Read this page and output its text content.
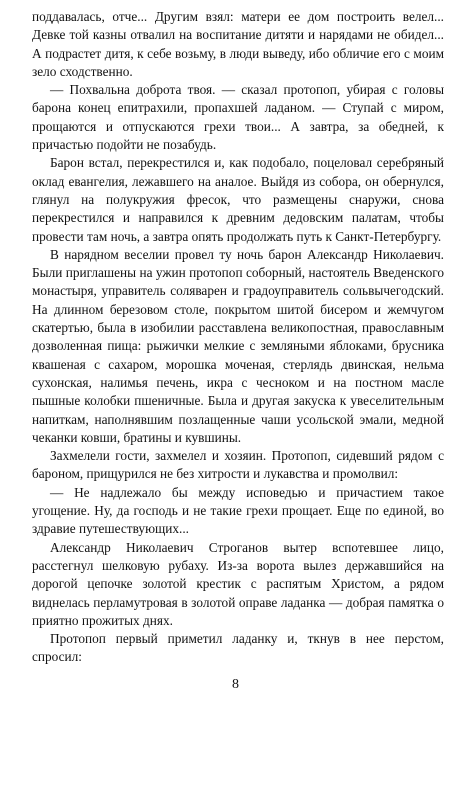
поддавалась, отче... Другим взял: матери ее дом построить велел... Девке той казны отвалил на воспитание дитяти и нарядами не обидел... А подрастет дитя, к себе возьму, в люди выведу, ибо обличие его с моим зело сходственно.

— Похвальна доброта твоя. — сказал протопоп, убирая с головы барона конец епитрахили, пропахшей ладаном. — Ступай с миром, прощаются и отпускаются грехи твои... А завтра, за обедней, к причастью подойти не позабудь.

Барон встал, перекрестился и, как подобало, поцеловал серебряный оклад евангелия, лежавшего на аналое. Выйдя из собора, он обернулся, глянул на полукружия фресок, что размещены снаружи, снова перекрестился и направился к древним дедовским палатам, чтобы провести там ночь, а завтра опять продолжать путь к Санкт-Петербургу.

В нарядном веселии провел ту ночь барон Александр Николаевич. Были приглашены на ужин протопоп соборный, настоятель Введенского монастыря, управитель соляварен и градоуправитель сольвычегодский. На длинном березовом столе, покрытом шитой бисером и жемчугом скатертью, была в изобилии расставлена великопостная, православным дозволенная пища: рыжички мелкие с земляными яблоками, брусника квашеная с сахаром, морошка моченая, стерлядь двинская, нельма сухонская, налимья печень, икра с чесноком и на постном масле пышные колобки пшеничные. Была и другая закуска к увеселительным напиткам, наполнявшим позлащенные чаши усольской эмали, медной чеканки ковши, братины и кувшины.

Захмелели гости, захмелел и хозяин. Протопоп, сидевший рядом с бароном, прищурился не без хитрости и лукавства и промолвил:

— Не надлежало бы между исповедью и причастием такое угощение. Ну, да господь и не такие грехи прощает. Еще по единой, во здравие путешествующих...

Александр Николаевич Строганов вытер вспотевшее лицо, расстегнул шелковую рубаху. Из-за ворота вылез державшийся на дорогой цепочке золотой крестик с распятым Христом, а рядом виднелась перламутровая в золотой оправе ладанка — добрая памятка о приятно прожитых днях.

Протопоп первый приметил ладанку и, ткнув в нее перстом, спросил:

8
